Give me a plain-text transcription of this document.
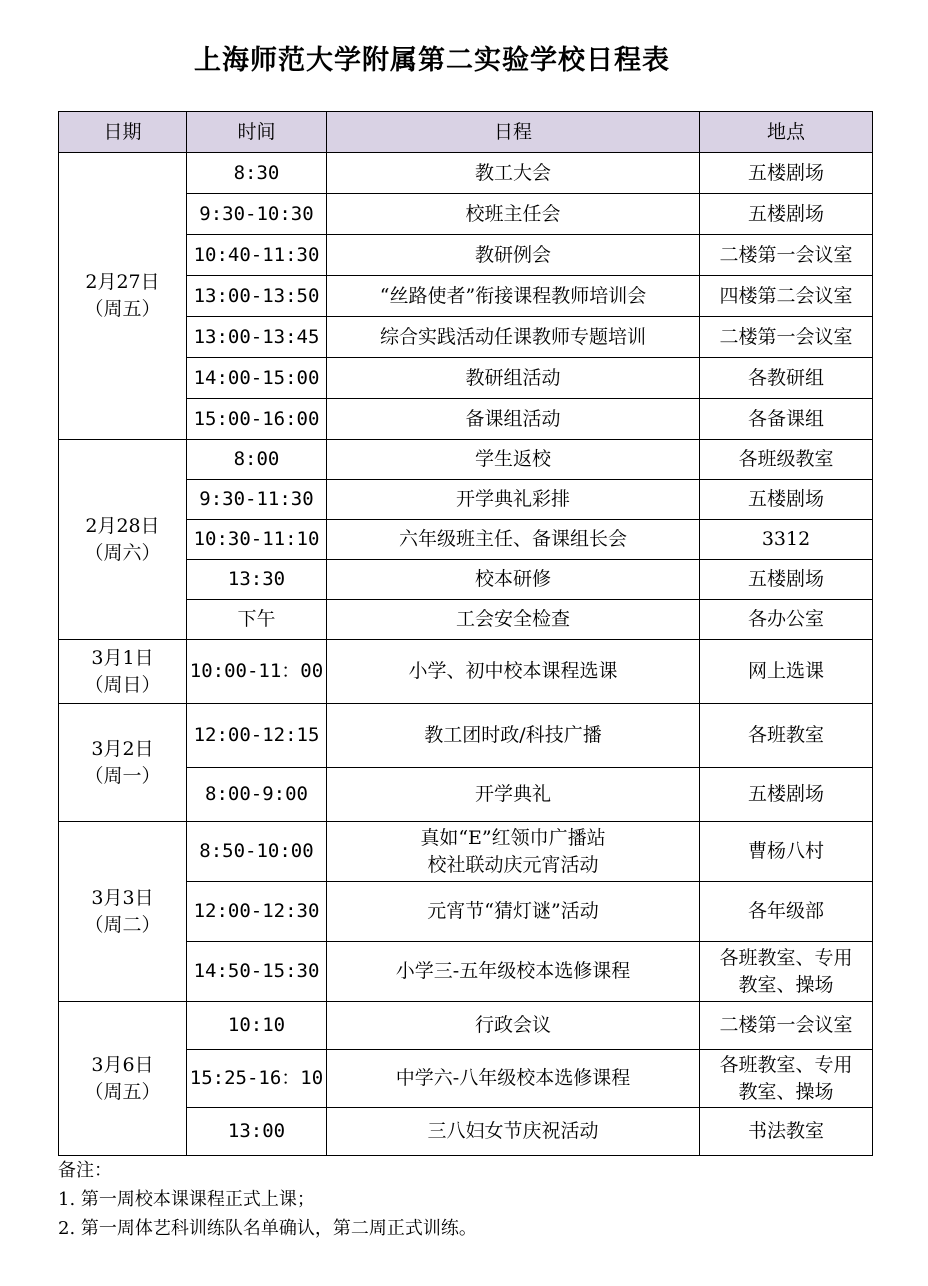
上海师范大学附属第二实验学校日程表
日期	时间	日程	地点

2月27日
（周五）	8:30	教工大会	五楼剧场

	9:30-10:30	校班主任会	五楼剧场

	10:40-11:30	教研例会	二楼第一会议室

	13:00-13:50	“丝路使者”衔接课程教师培训会	四楼第二会议室

	13:00-13:45	综合实践活动任课教师专题培训	二楼第一会议室

	14:00-15:00	教研组活动	各教研组

	15:00-16:00	备课组活动	各备课组

2月28日
（周六）	8:00	学生返校	各班级教室

	9:30-11:30	开学典礼彩排	五楼剧场

	10:30-11:10	六年级班主任、备课组长会	3312

	13:30	校本研修	五楼剧场

	下午	工会安全检查	各办公室

3月1日
（周日）	10:00-11：00	小学、初中校本课程选课	网上选课

3月2日
（周一）	12:00-12:15	教工团时政/科技广播	各班教室

	8:00-9:00	开学典礼	五楼剧场

3月3日
（周二）	8:50-10:00	真如“E”红领巾广播站
校社联动庆元宵活动	曹杨八村

	12:00-12:30	元宵节“猜灯谜”活动	各年级部

	14:50-15:30	小学三-五年级校本选修课程	各班教室、专用
教室、操场

3月6日
（周五）	10:10	行政会议	二楼第一会议室

	15:25-16：10	中学六-八年级校本选修课程	各班教室、专用
教室、操场

	13:00	三八妇女节庆祝活动	书法教室
备注：
1. 第一周校本课课程正式上课；
2. 第一周体艺科训练队名单确认，第二周正式训练。
